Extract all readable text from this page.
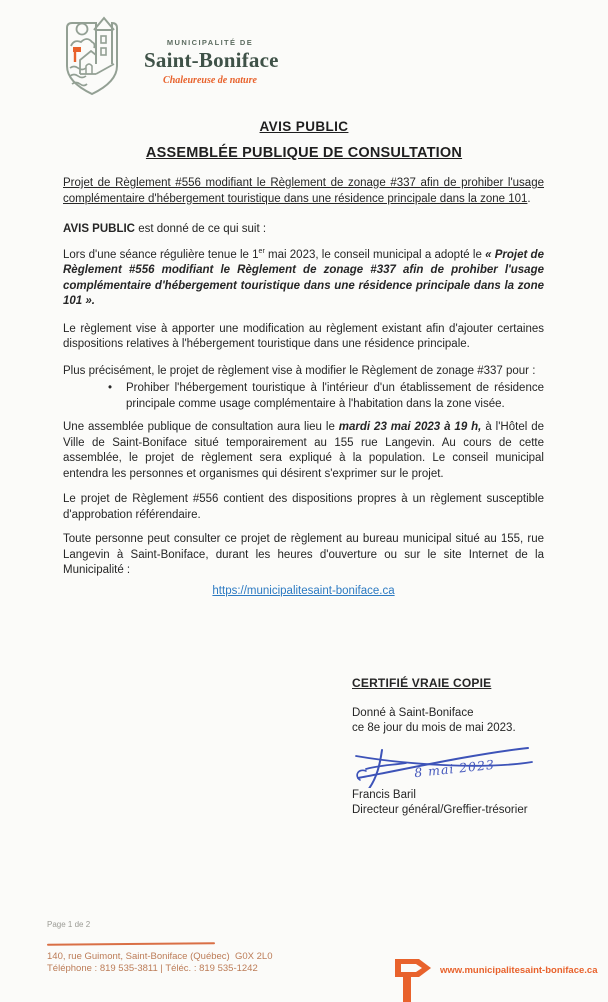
MUNICIPALITÉ DE
Saint-Boniface
Chaleureuse de nature
AVIS PUBLIC
ASSEMBLÉE PUBLIQUE DE CONSULTATION

Projet de Règlement #556 modifiant le Règlement de zonage #337 afin de prohiber l'usage complémentaire d'hébergement touristique dans une résidence principale dans la zone 101.

AVIS PUBLIC est donné de ce qui suit :

Lors d'une séance régulière tenue le 1er mai 2023, le conseil municipal a adopté le « Projet de Règlement #556 modifiant le Règlement de zonage #337 afin de prohiber l'usage complémentaire d'hébergement touristique dans une résidence principale dans la zone 101 ».

Le règlement vise à apporter une modification au règlement existant afin d'ajouter certaines dispositions relatives à l'hébergement touristique dans une résidence principale.

Plus précisément, le projet de règlement vise à modifier le Règlement de zonage #337 pour :

•	Prohiber l'hébergement touristique à l'intérieur d'un établissement de résidence principale comme usage complémentaire à l'habitation dans la zone visée.

Une assemblée publique de consultation aura lieu le mardi 23 mai 2023 à 19 h, à l'Hôtel de Ville de Saint-Boniface situé temporairement au 155 rue Langevin. Au cours de cette assemblée, le projet de règlement sera expliqué à la population. Le conseil municipal entendra les personnes et organismes qui désirent s'exprimer sur le projet.

Le projet de Règlement #556 contient des dispositions propres à un règlement susceptible d'approbation référendaire.

Toute personne peut consulter ce projet de règlement au bureau municipal situé au 155, rue Langevin à Saint-Boniface, durant les heures d'ouverture ou sur le site Internet de la Municipalité :

https://municipalitesaint-boniface.ca

CERTIFIÉ VRAIE COPIE
Donné à Saint-Boniface
ce 8e jour du mois de mai 2023.
8 mai 2023
Francis Baril
Directeur général/Greffier-trésorier
Page 1 de 2
140, rue Guimont, Saint-Boniface (Québec)  G0X 2L0
Téléphone : 819 535-3811 | Téléc. : 819 535-1242	www.municipalitesaint-boniface.ca
